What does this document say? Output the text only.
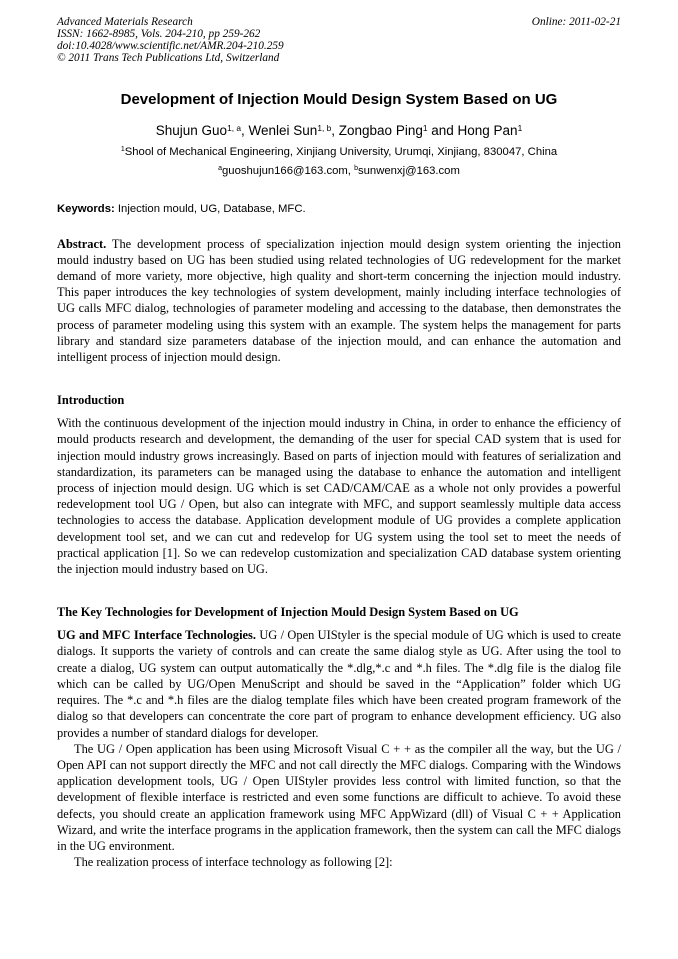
Advanced Materials Research
ISSN: 1662-8985, Vols. 204-210, pp 259-262
doi:10.4028/www.scientific.net/AMR.204-210.259
© 2011 Trans Tech Publications Ltd, Switzerland
Online: 2011-02-21
Development of Injection Mould Design System Based on UG

Shujun Guo$^{1, a}$, Wenlei Sun$^{1, b}$, Zongbao Ping$^1$ and Hong Pan$^1$

$^1$Shool of Mechanical Engineering, Xinjiang University, Urumqi, Xinjiang, 830047, China

$^a$guoshujun166@163.com, $^b$sunwenxj@163.com

Keywords: Injection mould, UG, Database, MFC.

Abstract. The development process of specialization injection mould design system orienting the injection mould industry based on UG has been studied using related technologies of UG redevelopment for the market demand of more variety, more objective, high quality and short-term concerning the injection mould industry. This paper introduces the key technologies of system development, mainly including interface technologies of UG calls MFC dialog, technologies of parameter modeling and accessing to the database, then demonstrates the process of parameter modeling using this system with an example. The system helps the management for parts library and standard size parameters database of the injection mould, and can enhance the automation and intelligent process of injection mould design.

Introduction

With the continuous development of the injection mould industry in China, in order to enhance the efficiency of mould products research and development, the demanding of the user for special CAD system that is used for injection mould industry grows increasingly. Based on parts of injection mould with features of serialization and standardization, its parameters can be managed using the database to enhance the automation and intelligent process of injection mould design. UG which is set CAD/CAM/CAE as a whole not only provides a powerful redevelopment tool UG / Open, but also can integrate with MFC, and support seamlessly multiple data access technologies to access the database. Application development module of UG provides a complete application development tool set, and we can cut and redevelop for UG system using the tool set to meet the needs of practical application [1]. So we can redevelop customization and specialization CAD database system orienting the injection mould industry based on UG.

The Key Technologies for Development of Injection Mould Design System Based on UG

UG and MFC Interface Technologies. UG / Open UIStyler is the special module of UG which is used to create dialogs. It supports the variety of controls and can create the same dialog style as UG. After using the tool to create a dialog, UG system can output automatically the *.dlg,*.c and *.h files. The *.dlg file is the dialog file which can be called by UG/Open MenuScript and should be saved in the “Application” folder which UG requires. The *.c and *.h files are the dialog template files which have been created program framework of the dialog so that developers can concentrate the core part of program to enhance development efficiency. UG also provides a number of standard dialogs for developer.

The UG / Open application has been using Microsoft Visual C + + as the compiler all the way, but the UG / Open API can not support directly the MFC and not call directly the MFC dialogs. Comparing with the Windows application development tools, UG / Open UIStyler provides less control with limited function, so that the development of flexible interface is restricted and even some functions are difficult to achieve. To avoid these defects, you should create an application framework using MFC AppWizard (dll) of Visual C + + Application Wizard, and write the interface programs in the application framework, then the system can call the MFC dialogs in the UG environment.

The realization process of interface technology as following [2]:
